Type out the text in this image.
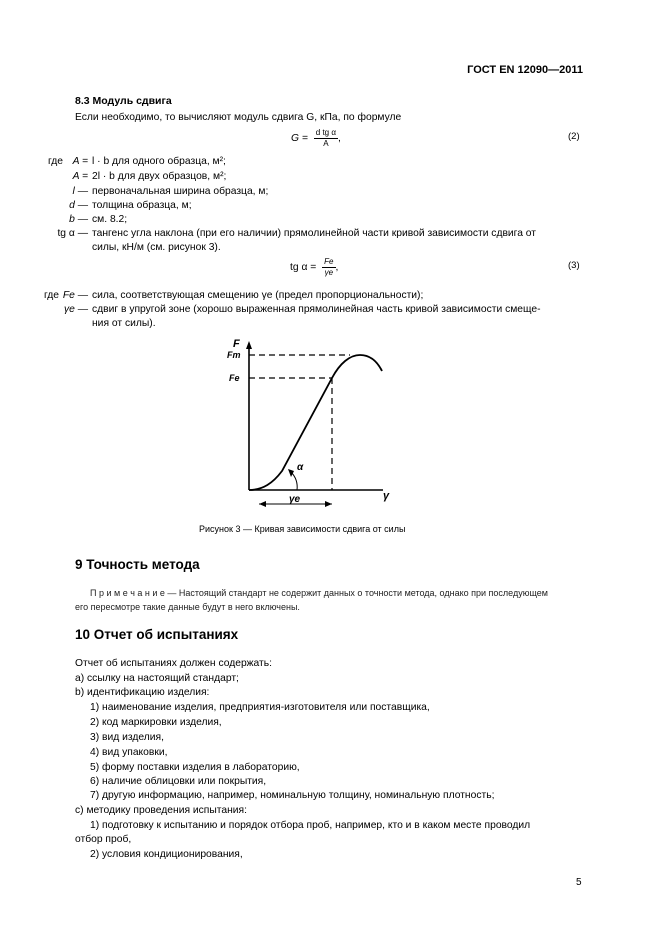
ГОСТ EN 12090—2011
8.3 Модуль сдвига
Если необходимо, то вычисляют модуль сдвига G, кПа, по формуле
$G = \frac{\text{d tg α}}{A}$ ,	(2)
где A = l · b для одного образца, м²;
A = 2l · b для двух образцов, м²;
l — первоначальная ширина образца, м;
d — толщина образца, м;
b — см. 8.2;
tg α — тангенс угла наклона (при его наличии) прямолинейной части кривой зависимости сдвига от
силы, кН/м (см. рисунок 3).
tg $\alpha = \frac{Fe}{\gamma e}$ ,	(3)
где Fe — сила, соответствующая смещению γe (предел пропорциональности);
γe — сдвиг в упругой зоне (хорошо выраженная прямолинейная часть кривой зависимости смеще-
ния от силы).
F
Fm
Fe
α
γe	γ
Рисунок 3 — Кривая зависимости сдвига от силы
9 Точность метода
П р и м е ч а н и е — Настоящий стандарт не содержит данных о точности метода, однако при последующем
его пересмотре такие данные будут в него включены.
10 Отчет об испытаниях
Отчет об испытаниях должен содержать:
a) ссылку на настоящий стандарт;
b) идентификацию изделия:
1) наименование изделия, предприятия-изготовителя или поставщика,
2) код маркировки изделия,
3) вид изделия,
4) вид упаковки,
5) форму поставки изделия в лабораторию,
6) наличие облицовки или покрытия,
7) другую информацию, например, номинальную толщину, номинальную плотность;
c) методику проведения испытания:
1) подготовку к испытанию и порядок отбора проб, например, кто и в каком месте проводил
отбор проб,
2) условия кондиционирования,
5
